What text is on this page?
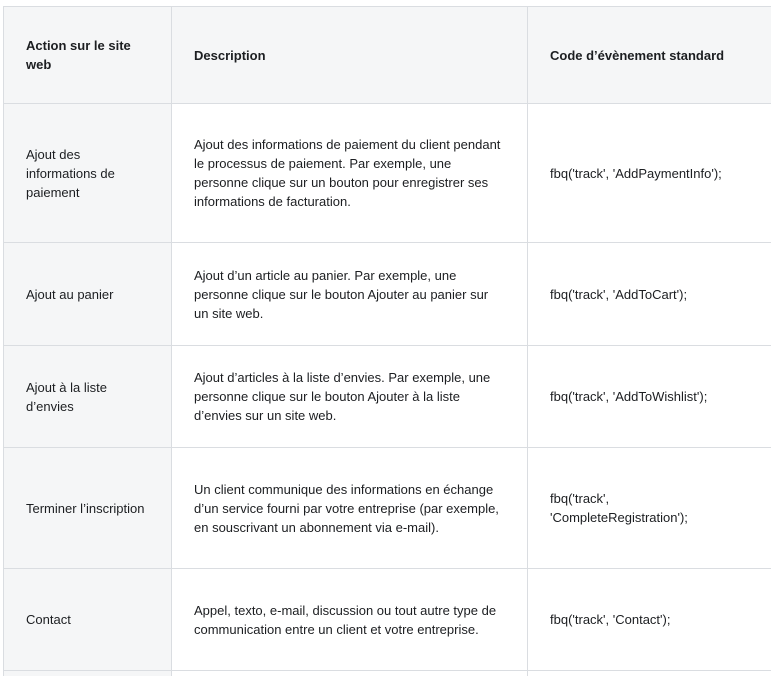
Action sur le site web	Description	Code d’évènement standard
Ajout des informations de paiement	Ajout des informations de paiement du client pendant le processus de paiement. Par exemple, une personne clique sur un bouton pour enregistrer ses informations de facturation.	fbq('track', 'AddPaymentInfo');
Ajout au panier	Ajout d’un article au panier. Par exemple, une personne clique sur le bouton Ajouter au panier sur un site web.	fbq('track', 'AddToCart');
Ajout à la liste d’envies	Ajout d’articles à la liste d’envies. Par exemple, une personne clique sur le bouton Ajouter à la liste d’envies sur un site web.	fbq('track', 'AddToWishlist');
Terminer l’inscription	Un client communique des informations en échange d’un service fourni par votre entreprise (par exemple, en souscrivant un abonnement via e-mail).	fbq('track', 'CompleteRegistration');
Contact	Appel, texto, e-mail, discussion ou tout autre type de communication entre un client et votre entreprise.	fbq('track', 'Contact');
